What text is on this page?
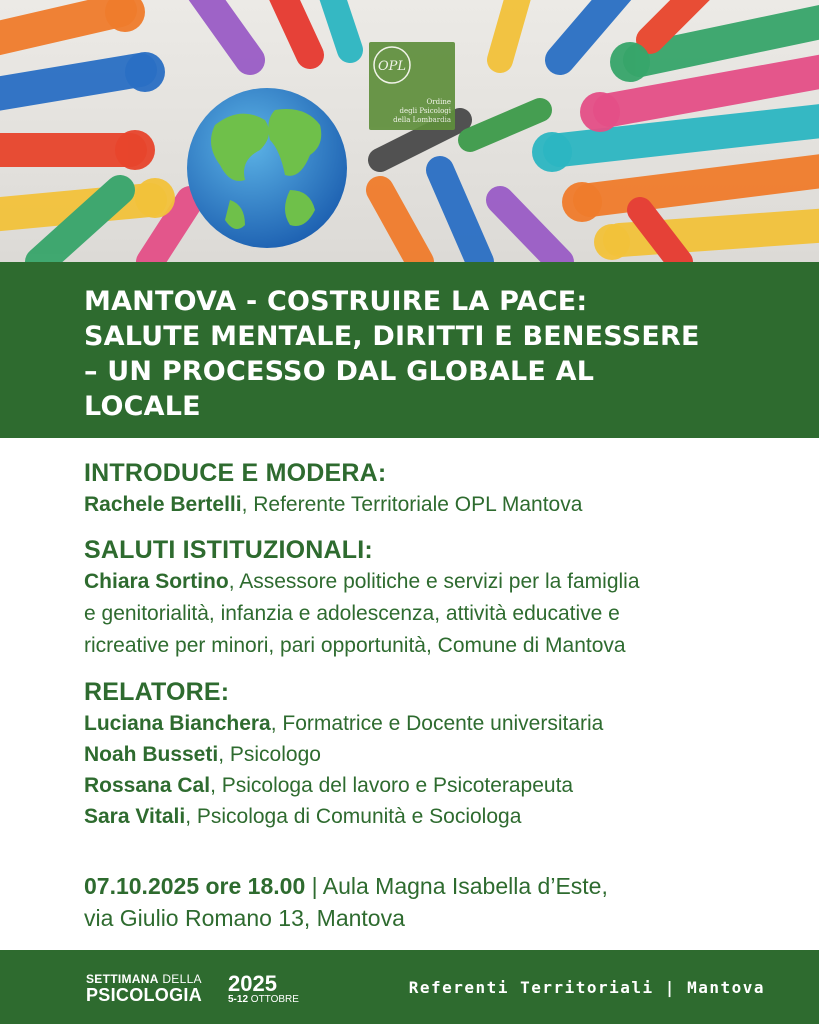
OPL
Ordine
degli Psicologi
della Lombardia
MANTOVA - COSTRUIRE LA PACE:
SALUTE MENTALE, DIRITTI E BENESSERE
– UN PROCESSO DAL GLOBALE AL
LOCALE
INTRODUCE E MODERA:
Rachele Bertelli, Referente Territoriale OPL Mantova
SALUTI ISTITUZIONALI:
Chiara Sortino, Assessore politiche e servizi per la famiglia
e genitorialità, infanzia e adolescenza, attività educative e
ricreative per minori, pari opportunità, Comune di Mantova
RELATORE:
Luciana Bianchera, Formatrice e Docente universitaria
Noah Busseti, Psicologo
Rossana Cal, Psicologa del lavoro e Psicoterapeuta
Sara Vitali, Psicologa di Comunità e Sociologa
07.10.2025 ore 18.00 | Aula Magna Isabella d’Este,
via Giulio Romano 13, Mantova
SETTIMANA DELLA
PSICOLOGIA 2025
5-12 OTTOBRE
Referenti Territoriali | Mantova
